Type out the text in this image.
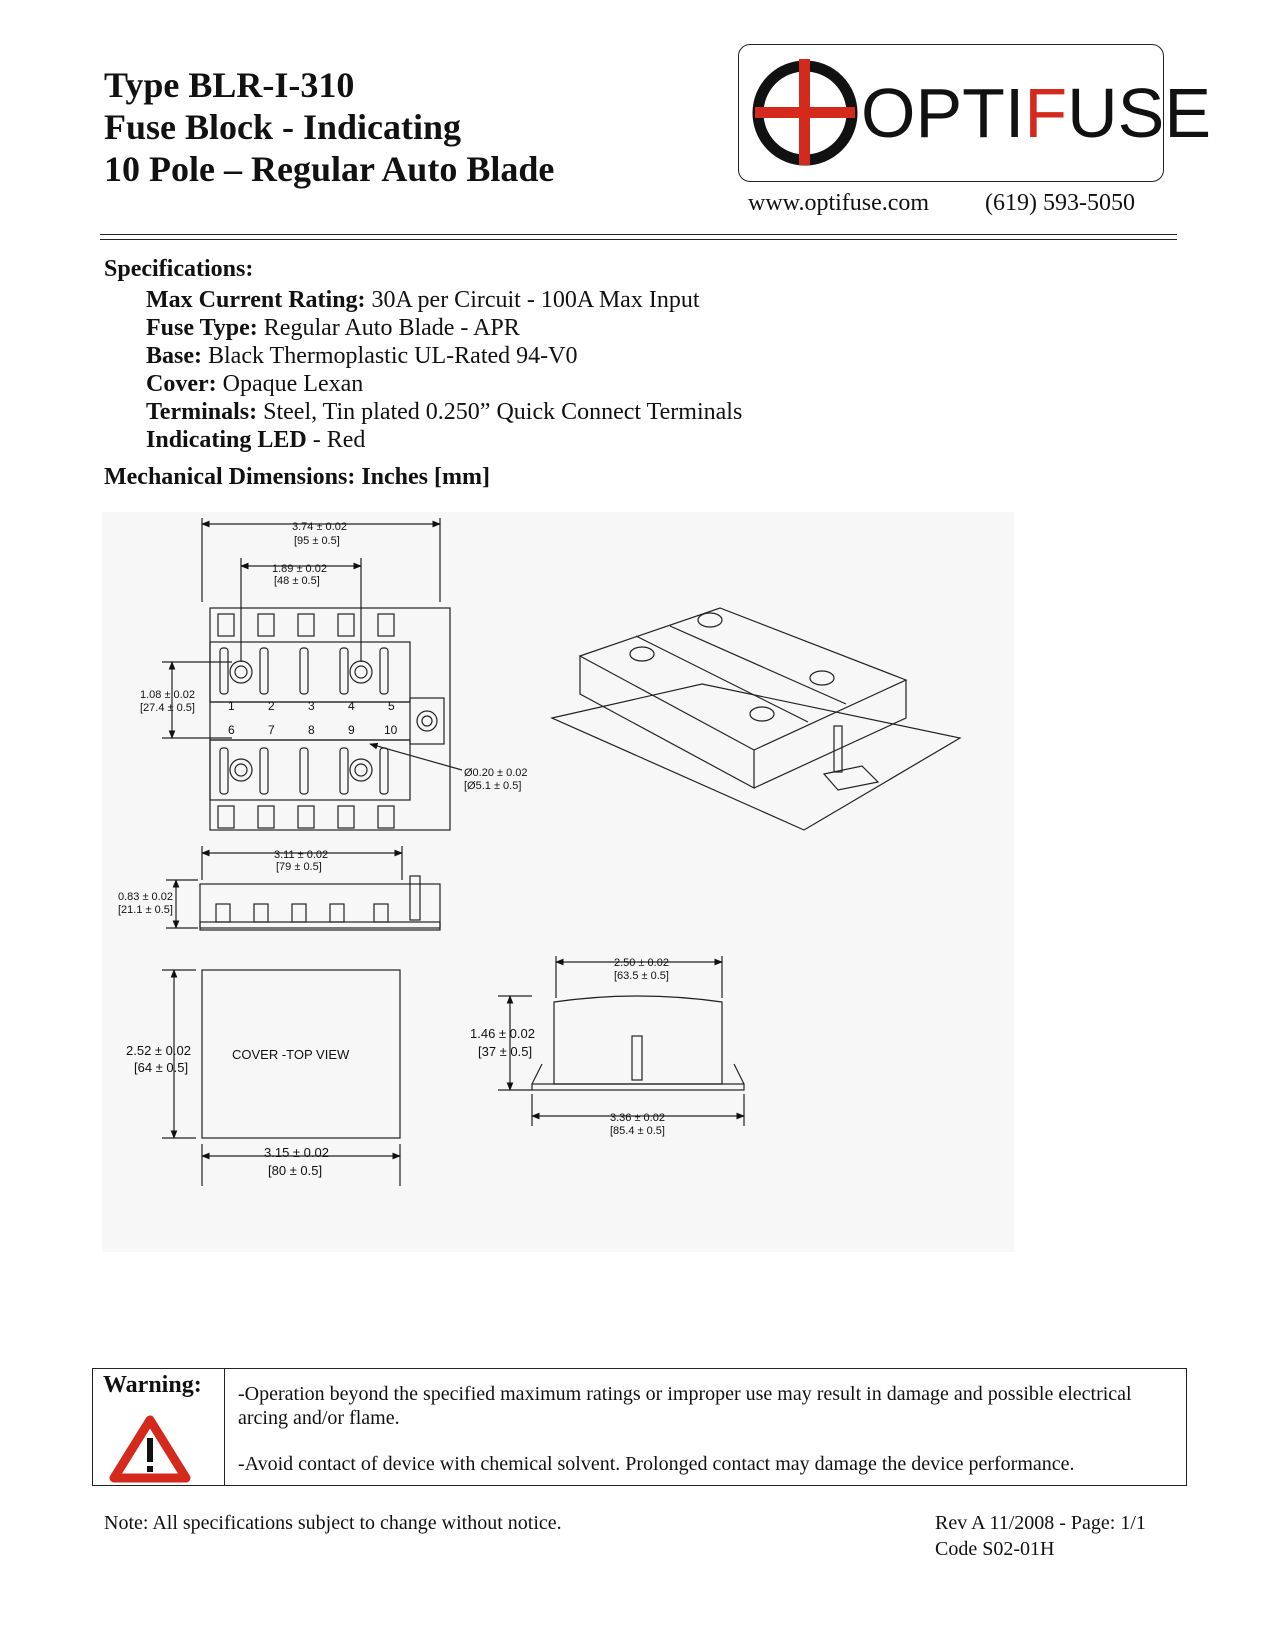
Type BLR-I-310
Fuse Block - Indicating
10 Pole – Regular Auto Blade
OPTIFUSE
www.optifuse.com (619) 593-5050
Specifications:
Max Current Rating: 30A per Circuit - 100A Max Input
Fuse Type: Regular Auto Blade - APR
Base: Black Thermoplastic UL-Rated 94-V0
Cover: Opaque Lexan
Terminals: Steel, Tin plated 0.250” Quick Connect Terminals
Indicating LED - Red
Mechanical Dimensions: Inches [mm]
1	2	3	4	5
6	7	8	9 10
3.74 ± 0.02
[95 ± 0.5]
1.89 ± 0.02
[48 ± 0.5]
1.08 ± 0.02
[27.4 ± 0.5]
Ø0.20 ± 0.02
[Ø5.1 ± 0.5]
3.11 ± 0.02
[79 ± 0.5]
0.83 ± 0.02
[21.1 ± 0.5]
2.50 ± 0.02
[63.5 ± 0.5]
3.36 ± 0.02
[85.4 ± 0.5]
2.52 ± 0.02
[64 ± 0.5]
COVER -TOP VIEW
3.15 ± 0.02
[80 ± 0.5]
1.46 ± 0.02
[37 ± 0.5]
Warning: -Operation beyond the specified maximum ratings or improper use may result in damage and possible electrical arcing and/or flame.
-Avoid contact of device with chemical solvent. Prolonged contact may damage the device performance.
Note: All specifications subject to change without notice.	Rev A 11/2008 - Page: 1/1
Code S02-01H
